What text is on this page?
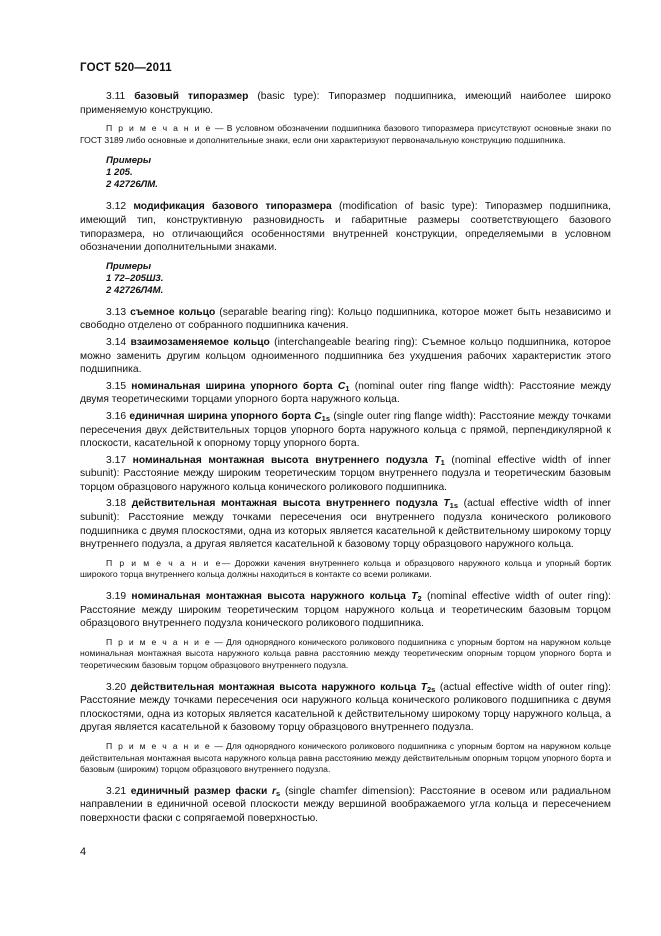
ГОСТ 520—2011

3.11 базовый типоразмер (basic type): Типоразмер подшипника, имеющий наиболее широко применяемую конструкцию.

П р и м е ч а н и е — В условном обозначении подшипника базового типоразмера присутствуют основные знаки по ГОСТ 3189 либо основные и дополнительные знаки, если они характеризуют первоначальную конструкцию подшипника.

Примеры
1 205.
2 42726ЛМ.

3.12 модификация базового типоразмера (modification of basic type): Типоразмер подшипника, имеющий тип, конструктивную разновидность и габаритные размеры соответствующего базового типоразмера, но отличающийся особенностями внутренней конструкции, определяемыми в условном обозначении дополнительными знаками.

Примеры
1 72–205Ш3.
2 42726Л4М.

3.13 съемное кольцо (separable bearing ring): Кольцо подшипника, которое может быть независимо и свободно отделено от собранного подшипника качения.

3.14 взаимозаменяемое кольцо (interchangeable bearing ring): Съемное кольцо подшипника, которое можно заменить другим кольцом одноименного подшипника без ухудшения рабочих характеристик этого подшипника.

3.15 номинальная ширина упорного борта $C_1$ (nominal outer ring flange width): Расстояние между двумя теоретическими торцами упорного борта наружного кольца.

3.16 единичная ширина упорного борта $C_{1s}$ (single outer ring flange width): Расстояние между точками пересечения двух действительных торцов упорного борта наружного кольца с прямой, перпендикулярной к плоскости, касательной к опорному торцу упорного борта.

3.17 номинальная монтажная высота внутреннего подузла $T_1$ (nominal effective width of inner subunit): Расстояние между широким теоретическим торцом внутреннего подузла и теоретическим базовым торцом образцового наружного кольца конического роликового подшипника.

3.18 действительная монтажная высота внутреннего подузла $T_{1s}$ (actual effective width of inner subunit): Расстояние между точками пересечения оси внутреннего подузла конического роликового подшипника с двумя плоскостями, одна из которых является касательной к действительному широкому торцу внутреннего подузла, а другая является касательной к базовому торцу образцового наружного кольца.

П р и м е ч а н и е— Дорожки качения внутреннего кольца и образцового наружного кольца и упорный бортик широкого торца внутреннего кольца должны находиться в контакте со всеми роликами.

3.19 номинальная монтажная высота наружного кольца $T_2$ (nominal effective width of outer ring): Расстояние между широким теоретическим торцом наружного кольца и теоретическим базовым торцом образцового внутреннего подузла конического роликового подшипника.

П р и м е ч а н и е — Для однорядного конического роликового подшипника с упорным бортом на наружном кольце номинальная монтажная высота наружного кольца равна расстоянию между теоретическим опорным торцом упорного борта и теоретическим базовым торцом образцового внутреннего подузла.

3.20 действительная монтажная высота наружного кольца $T_{2s}$ (actual effective width of outer ring): Расстояние между точками пересечения оси наружного кольца конического роликового подшипника с двумя плоскостями, одна из которых является касательной к действительному широкому торцу наружного кольца, а другая является касательной к базовому торцу образцового внутреннего подузла.

П р и м е ч а н и е — Для однорядного конического роликового подшипника с упорным бортом на наружном кольце действительная монтажная высота наружного кольца равна расстоянию между действительным опорным торцом упорного борта и базовым (широким) торцом образцового внутреннего подузла.

3.21 единичный размер фаски $r_s$ (single chamfer dimension): Расстояние в осевом или радиальном направлении в единичной осевой плоскости между вершиной воображаемого угла кольца и пересечением поверхности фаски с сопрягаемой поверхностью.

4
